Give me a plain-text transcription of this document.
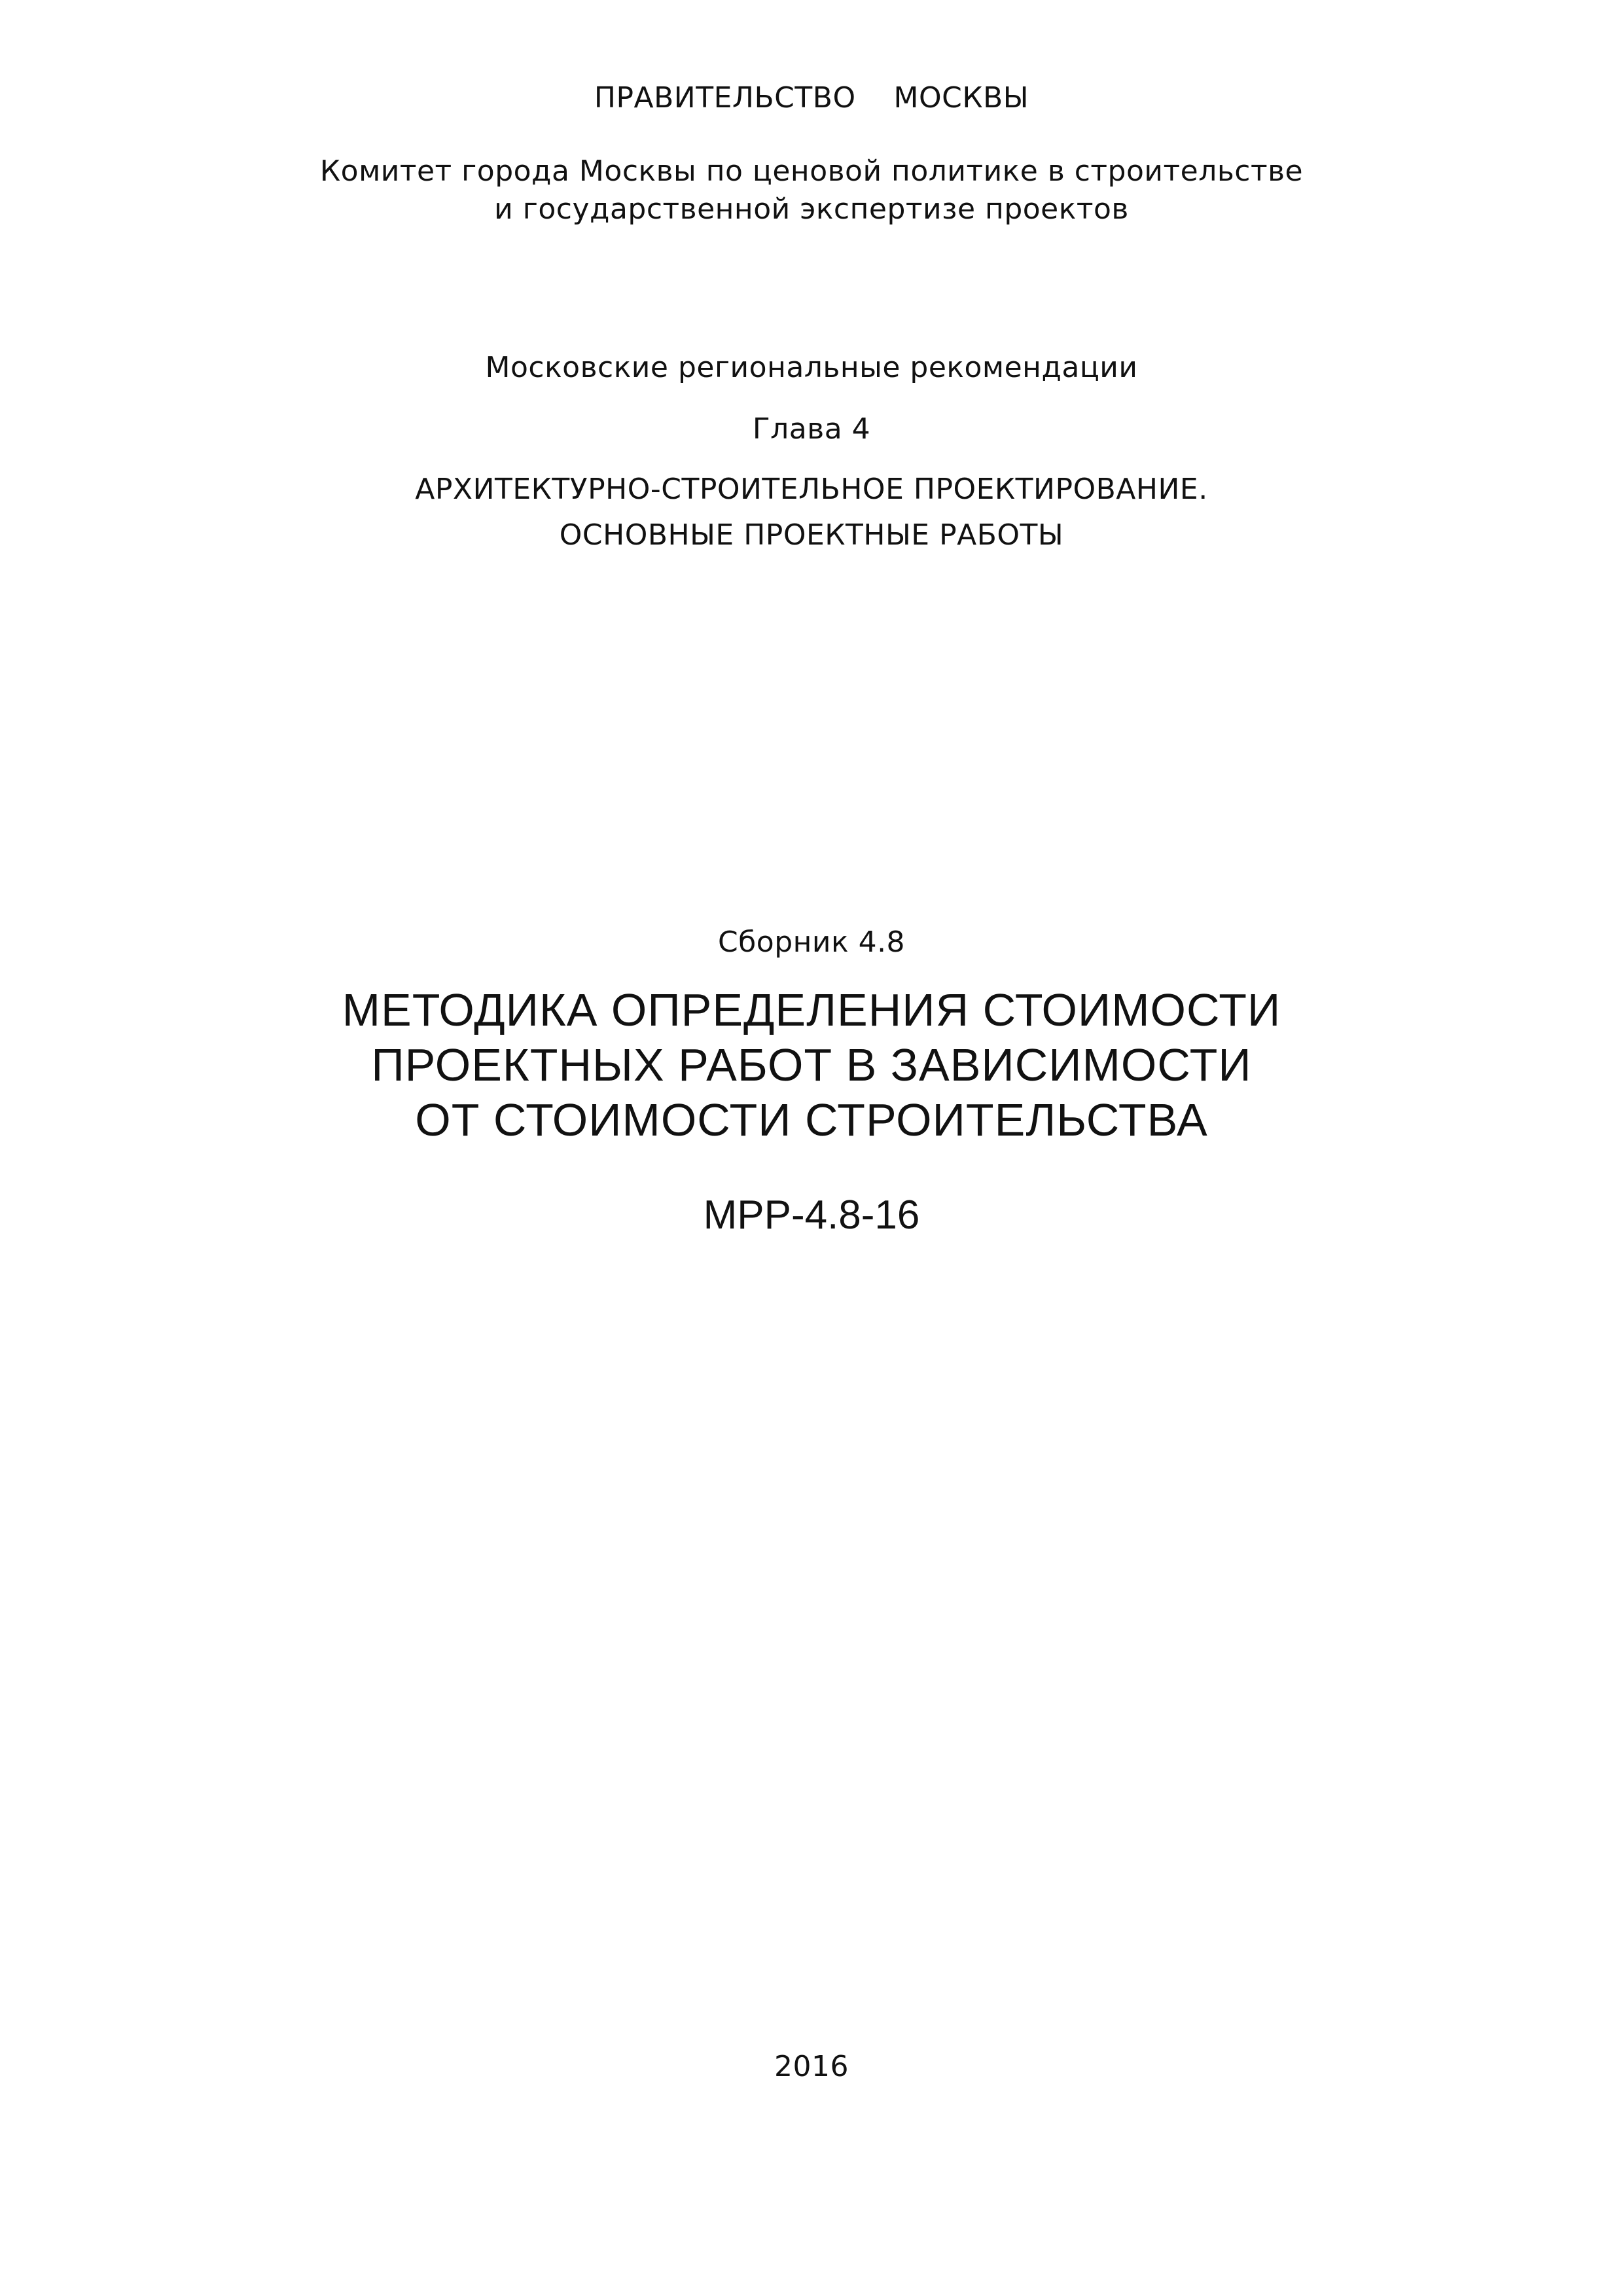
ПРАВИТЕЛЬСТВО    МОСКВЫ
Комитет города Москвы по ценовой политике в строительстве
и государственной экспертизе проектов
Московские региональные рекомендации
Глава 4
АРХИТЕКТУРНО-СТРОИТЕЛЬНОЕ ПРОЕКТИРОВАНИЕ.
ОСНОВНЫЕ ПРОЕКТНЫЕ РАБОТЫ
Сборник 4.8
МЕТОДИКА ОПРЕДЕЛЕНИЯ СТОИМОСТИ
ПРОЕКТНЫХ РАБОТ В ЗАВИСИМОСТИ
ОТ СТОИМОСТИ СТРОИТЕЛЬСТВА
МРР-4.8-16
2016
